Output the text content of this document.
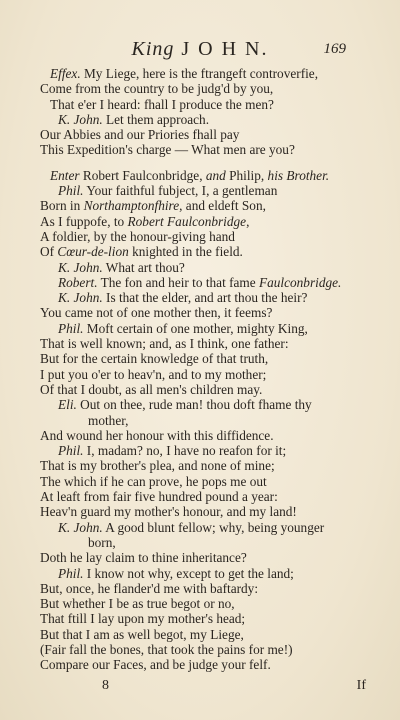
King J O H N.	169
Effex. My Liege, here is the ftrangeft controverfie,
Come from the country to be judg'd by you,
That e'er I heard: fhall I produce the men?
K. John. Let them approach.
Our Abbies and our Priories fhall pay
This Expedition's charge — What men are you?
Enter Robert Faulconbridge, and Philip, his Brother.
Phil. Your faithful fubject, I, a gentleman
Born in Northamptonfhire, and eldeft Son,
As I fuppofe, to Robert Faulconbridge,
A foldier, by the honour-giving hand
Of Cœur-de-lion knighted in the field.
K. John. What art thou?
Robert. The fon and heir to that fame Faulconbridge.
K. John. Is that the elder, and art thou the heir?
You came not of one mother then, it feems?
Phil. Moft certain of one mother, mighty King,
That is well known; and, as I think, one father:
But for the certain knowledge of that truth,
I put you o'er to heav'n, and to my mother;
Of that I doubt, as all men's children may.
Eli. Out on thee, rude man! thou doft fhame thy
mother,
And wound her honour with this diffidence.
Phil. I, madam? no, I have no reafon for it;
That is my brother's plea, and none of mine;
The which if he can prove, he pops me out
At leaft from fair five hundred pound a year:
Heav'n guard my mother's honour, and my land!
K. John. A good blunt fellow; why, being younger
born,
Doth he lay claim to thine inheritance?
Phil. I know not why, except to get the land;
But, once, he flander'd me with baftardy:
But whether I be as true begot or no,
That ftill I lay upon my mother's head;
But that I am as well begot, my Liege,
(Fair fall the bones, that took the pains for me!)
Compare our Faces, and be judge your felf.
8	If
